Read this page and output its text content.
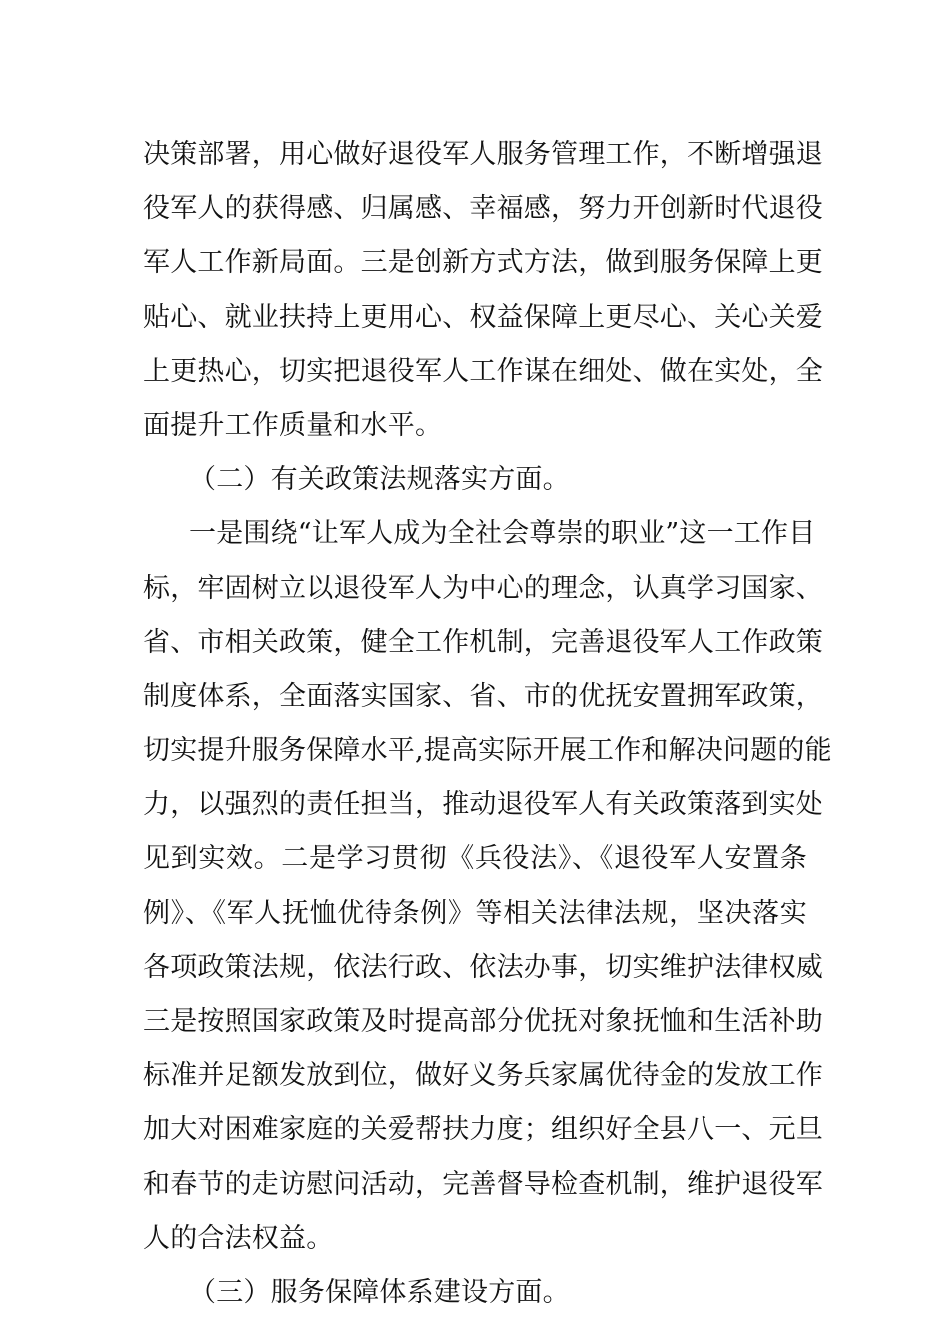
决策部署，用心做好退役军人服务管理工作，不断增强退
役军人的获得感、归属感、幸福感，努力开创新时代退役
军人工作新局面。三是创新方式方法，做到服务保障上更
贴心、就业扶持上更用心、权益保障上更尽心、关心关爱
上更热心，切实把退役军人工作谋在细处、做在实处，全
面提升工作质量和水平。
（二）有关政策法规落实方面。
一是围绕“让军人成为全社会尊崇的职业”这一工作目
标，牢固树立以退役军人为中心的理念，认真学习国家、
省、市相关政策，健全工作机制，完善退役军人工作政策
制度体系，全面落实国家、省、市的优抚安置拥军政策，
切实提升服务保障水平,提高实际开展工作和解决问题的能
力，以强烈的责任担当，推动退役军人有关政策落到实处
见到实效。二是学习贯彻《兵役法》、《退役军人安置条
例》、《军人抚恤优待条例》等相关法律法规，坚决落实
各项政策法规，依法行政、依法办事，切实维护法律权威
三是按照国家政策及时提高部分优抚对象抚恤和生活补助
标准并足额发放到位，做好义务兵家属优待金的发放工作
加大对困难家庭的关爱帮扶力度；组织好全县八一、元旦
和春节的走访慰问活动，完善督导检查机制，维护退役军
人的合法权益。
（三）服务保障体系建设方面。
